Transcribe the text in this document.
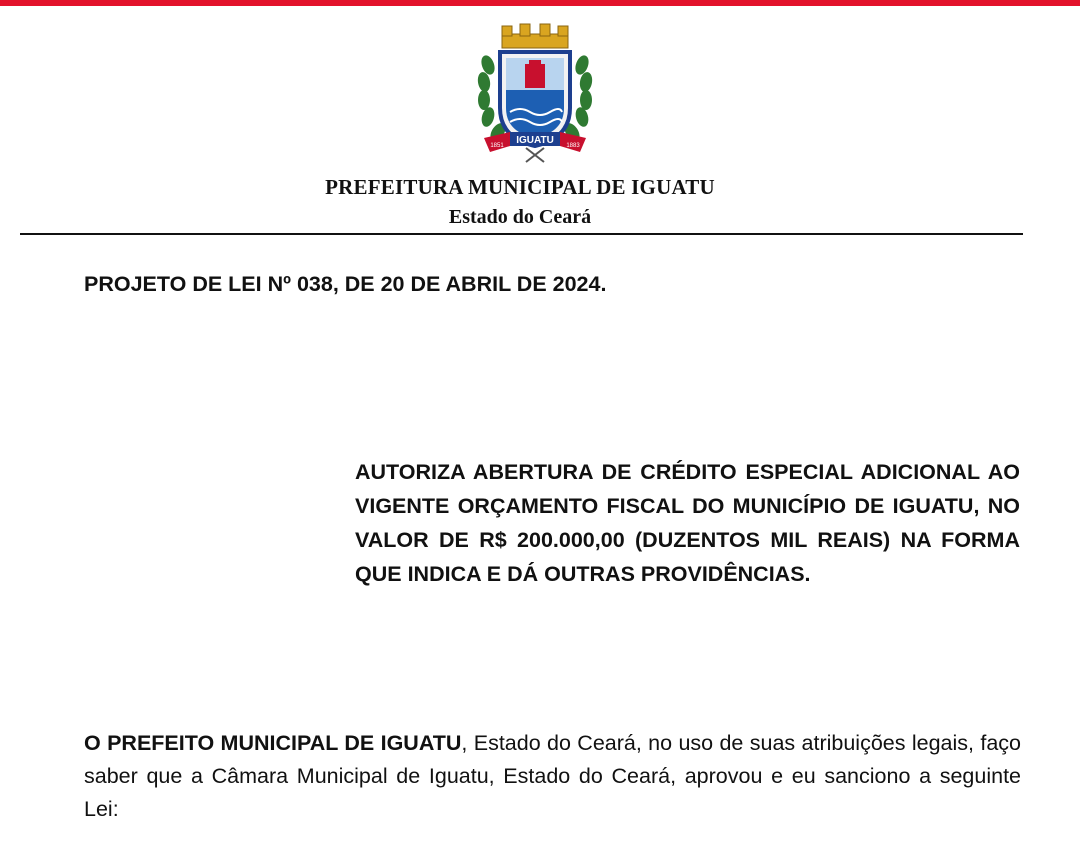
IGUATU
1851	1883
PREFEITURA MUNICIPAL DE IGUATU
Estado do Ceará
PROJETO DE LEI Nº 038, DE 20 DE ABRIL DE 2024.
AUTORIZA ABERTURA DE CRÉDITO ESPECIAL ADICIONAL AO VIGENTE ORÇAMENTO FISCAL DO MUNICÍPIO DE IGUATU, NO VALOR DE R$ 200.000,00 (DUZENTOS MIL REAIS) NA FORMA QUE INDICA E DÁ OUTRAS PROVIDÊNCIAS.
O PREFEITO MUNICIPAL DE IGUATU, Estado do Ceará, no uso de suas atribuições legais, faço saber que a Câmara Municipal de Iguatu, Estado do Ceará, aprovou e eu sanciono a seguinte Lei:
